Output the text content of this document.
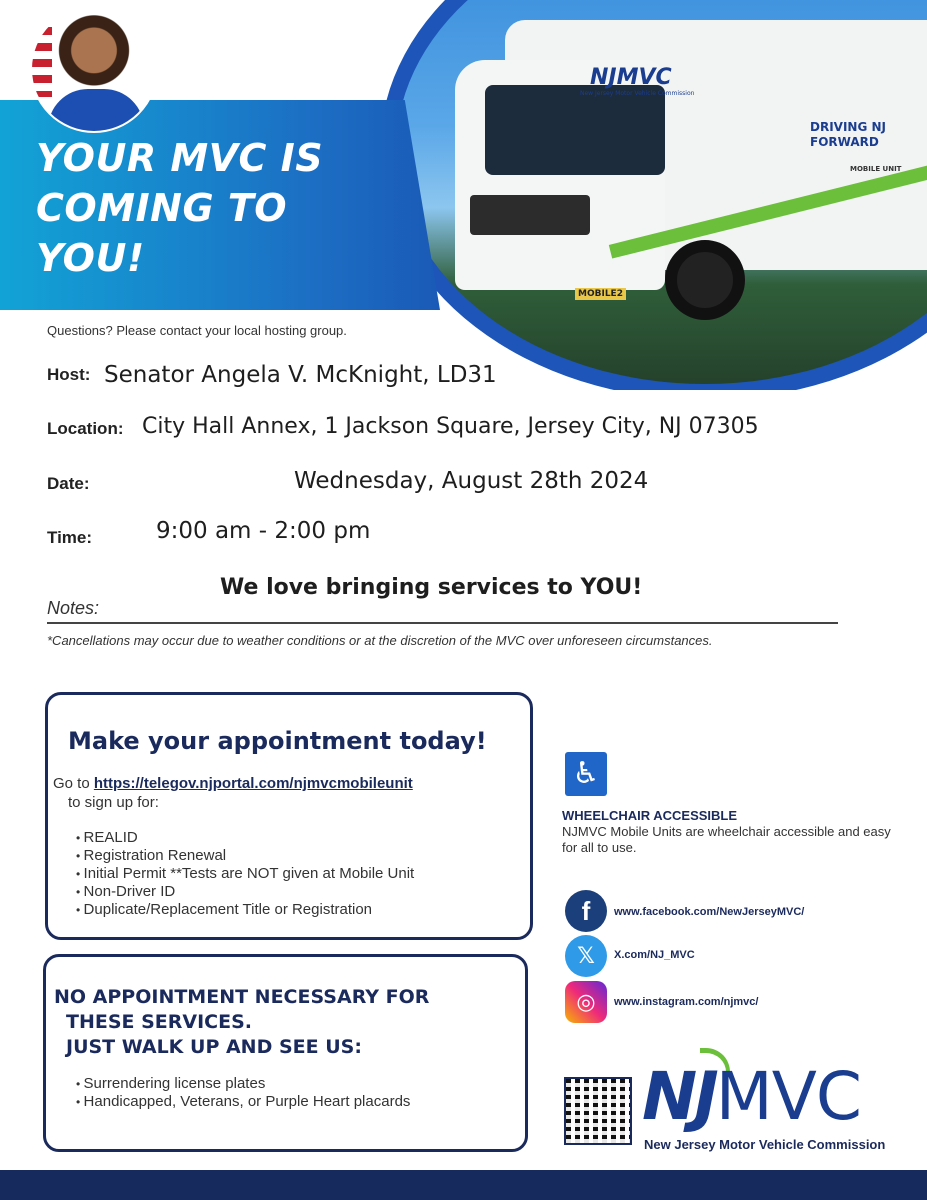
NJMVC
New Jersey Motor Vehicle Commission
DRIVING NJ FORWARD
MOBILE UNIT
MOBILE2
YOUR MVC IS COMING TO YOU!
Questions? Please contact your local hosting group.
Host: Senator Angela V. McKnight, LD31
Location: City Hall Annex, 1 Jackson Square, Jersey City, NJ 07305
Date:	Wednesday, August 28th 2024
Time:	9:00 am - 2:00 pm
We love bringing services to YOU!
Notes:
*Cancellations may occur due to weather conditions or at the discretion of the MVC over unforeseen circumstances.
Make your appointment today!
Go to https://telegov.njportal.com/njmvcmobileunit
to sign up for:
• REALID
• Registration Renewal
• Initial Permit **Tests are NOT given at Mobile Unit
• Non-Driver ID
• Duplicate/Replacement Title or Registration
NO APPOINTMENT NECESSARY FOR
THESE SERVICES.
JUST WALK UP AND SEE US:
• Surrendering license plates
• Handicapped, Veterans, or Purple Heart placards
♿
WHEELCHAIR ACCESSIBLE
NJMVC Mobile Units are wheelchair accessible and easy for all to use.
f	www.facebook.com/NewJerseyMVC/
𝕏	X.com/NJ_MVC
◎	www.instagram.com/njmvc/
NJ MVC
New Jersey Motor Vehicle Commission
